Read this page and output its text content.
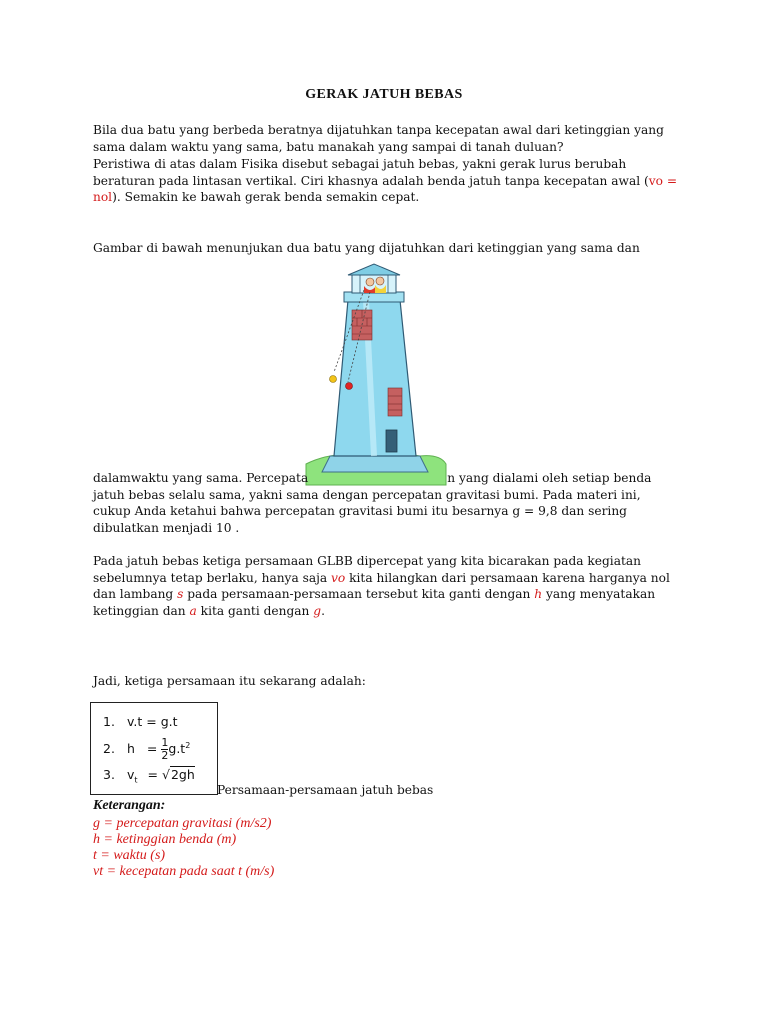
GERAK JATUH BEBAS

Bila dua batu yang berbeda beratnya dijatuhkan tanpa kecepatan awal dari ketinggian yang sama dalam waktu yang sama, batu manakah yang sampai di tanah duluan?

Peristiwa di atas dalam Fisika disebut sebagai jatuh bebas, yakni gerak lurus berubah beraturan pada lintasan vertikal. Ciri khasnya adalah benda jatuh tanpa kecepatan awal (vo = nol). Semakin ke bawah gerak benda semakin cepat.

Gambar di bawah menunjukan dua batu yang dijatuhkan dari ketinggian yang sama dan

dalamwaktu yang sama. Percepata	n yang dialami oleh setiap benda jatuh bebas selalu sama, yakni sama dengan percepatan gravitasi bumi. Pada materi ini, cukup Anda ketahui bahwa percepatan gravitasi bumi itu besarnya g = 9,8 dan sering dibulatkan menjadi 10 .

Pada jatuh bebas ketiga persamaan GLBB dipercepat yang kita bicarakan pada kegiatan sebelumnya tetap berlaku, hanya saja vo kita hilangkan dari persamaan karena harganya nol dan lambang s pada persamaan-persamaan tersebut kita ganti dengan h yang menyatakan ketinggian dan a kita ganti dengan g.

Jadi, ketiga persamaan itu sekarang adalah:

1. v.t = g.t
2. $h = \frac{1}{2} g.t^2$
3. $v_t = √2gh$
Persamaan-persamaan jatuh bebas
Keterangan:
g = percepatan gravitasi (m/s2)
h = ketinggian benda (m)
t = waktu (s)
vt = kecepatan pada saat t (m/s)
